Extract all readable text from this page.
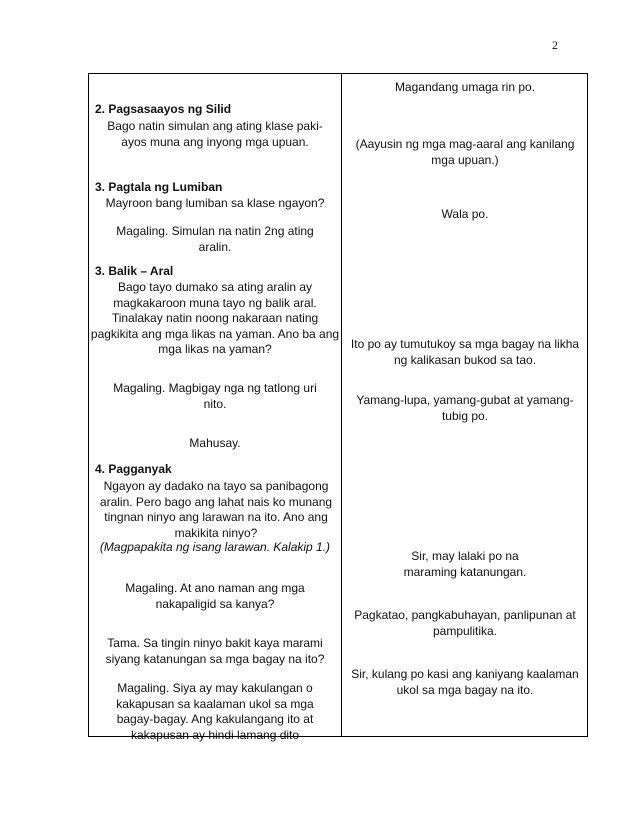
2
2. Pagsasaayos ng Silid
Bago natin simulan ang ating klase paki-ayos muna ang inyong mga upuan.
3. Pagtala ng Lumiban
Mayroon bang lumiban sa klase ngayon?
Magaling. Simulan na natin 2ng ating aralin.
3. Balik – Aral
Bago tayo dumako sa ating aralin ay magkakaroon muna tayo ng balik aral. Tinalakay natin noong nakaraan nating pagkikita ang mga likas na yaman. Ano ba ang mga likas na yaman?
Magaling. Magbigay nga ng tatlong uri nito.
Mahusay.
4. Pagganyak
Ngayon ay dadako na tayo sa panibagong aralin. Pero bago ang lahat nais ko munang tingnan ninyo ang larawan na ito. Ano ang makikita ninyo?
(Magpapakita ng isang larawan. Kalakip 1.)
Magaling. At ano naman ang mga nakapaligid sa kanya?
Tama. Sa tingin ninyo bakit kaya marami siyang katanungan sa mga bagay na ito?
Magaling. Siya ay may kakulangan o kakapusan sa kaalaman ukol sa mga bagay-bagay. Ang kakulangang ito at kakapusan ay hindi lamang dito
Magandang umaga rin po.
(Aayusin ng mga mag-aaral ang kanilang mga upuan.)
Wala po.
Ito po ay tumutukoy sa mga bagay na likha ng kalikasan bukod sa tao.
Yamang-lupa, yamang-gubat at yamang-tubig po.
Sir, may lalaki po na maraming katanungan.
Pagkatao, pangkabuhayan, panlipunan at pampulitika.
Sir, kulang po kasi ang kaniyang kaalaman ukol sa mga bagay na ito.
